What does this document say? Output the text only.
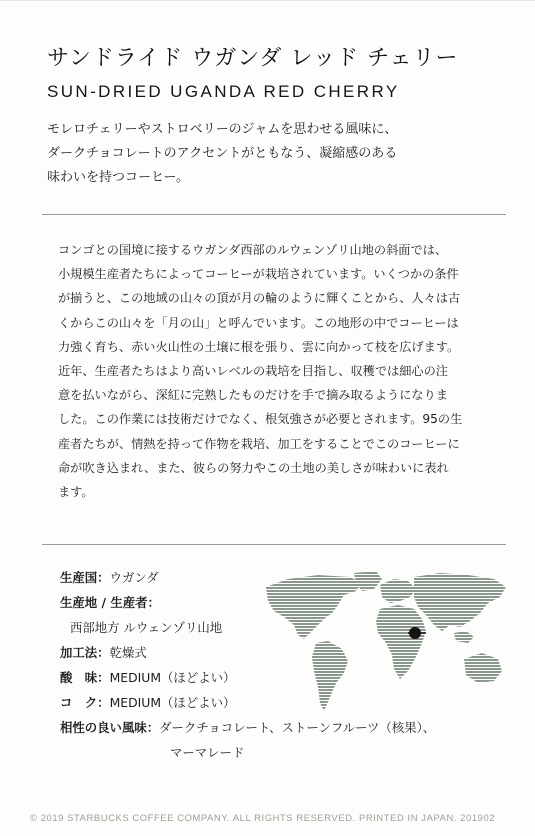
サンドライド ウガンダ レッド チェリー
SUN-DRIED UGANDA RED CHERRY
モレロチェリーやストロベリーのジャムを思わせる風味に、
ダークチョコレートのアクセントがともなう、凝縮感のある
味わいを持つコーヒー。
コンゴとの国境に接するウガンダ西部のルウェンゾリ山地の斜面では、
小規模生産者たちによってコーヒーが栽培されています。いくつかの条件
が揃うと、この地域の山々の頂が月の輪のように輝くことから、人々は古
くからこの山々を「月の山」と呼んでいます。この地形の中でコーヒーは
力強く育ち、赤い火山性の土壌に根を張り、雲に向かって枝を広げます。
近年、生産者たちはより高いレベルの栽培を目指し、収穫では細心の注
意を払いながら、深紅に完熟したものだけを手で摘み取るようになりま
した。この作業には技術だけでなく、根気強さが必要とされます。95の生
産者たちが、情熱を持って作物を栽培、加工をすることでこのコーヒーに
命が吹き込まれ、また、彼らの努力やこの土地の美しさが味わいに表れ
ます。
生産国：ウガンダ
生産地 / 生産者：
西部地方 ルウェンゾリ山地
加工法：乾燥式
酸　味：MEDIUM（ほどよい）
コ　ク：MEDIUM（ほどよい）
相性の良い風味：ダークチョコレート、ストーンフルーツ（核果）、
マーマレード
© 2019 STARBUCKS COFFEE COMPANY. ALL RIGHTS RESERVED. PRINTED IN JAPAN. 201902
